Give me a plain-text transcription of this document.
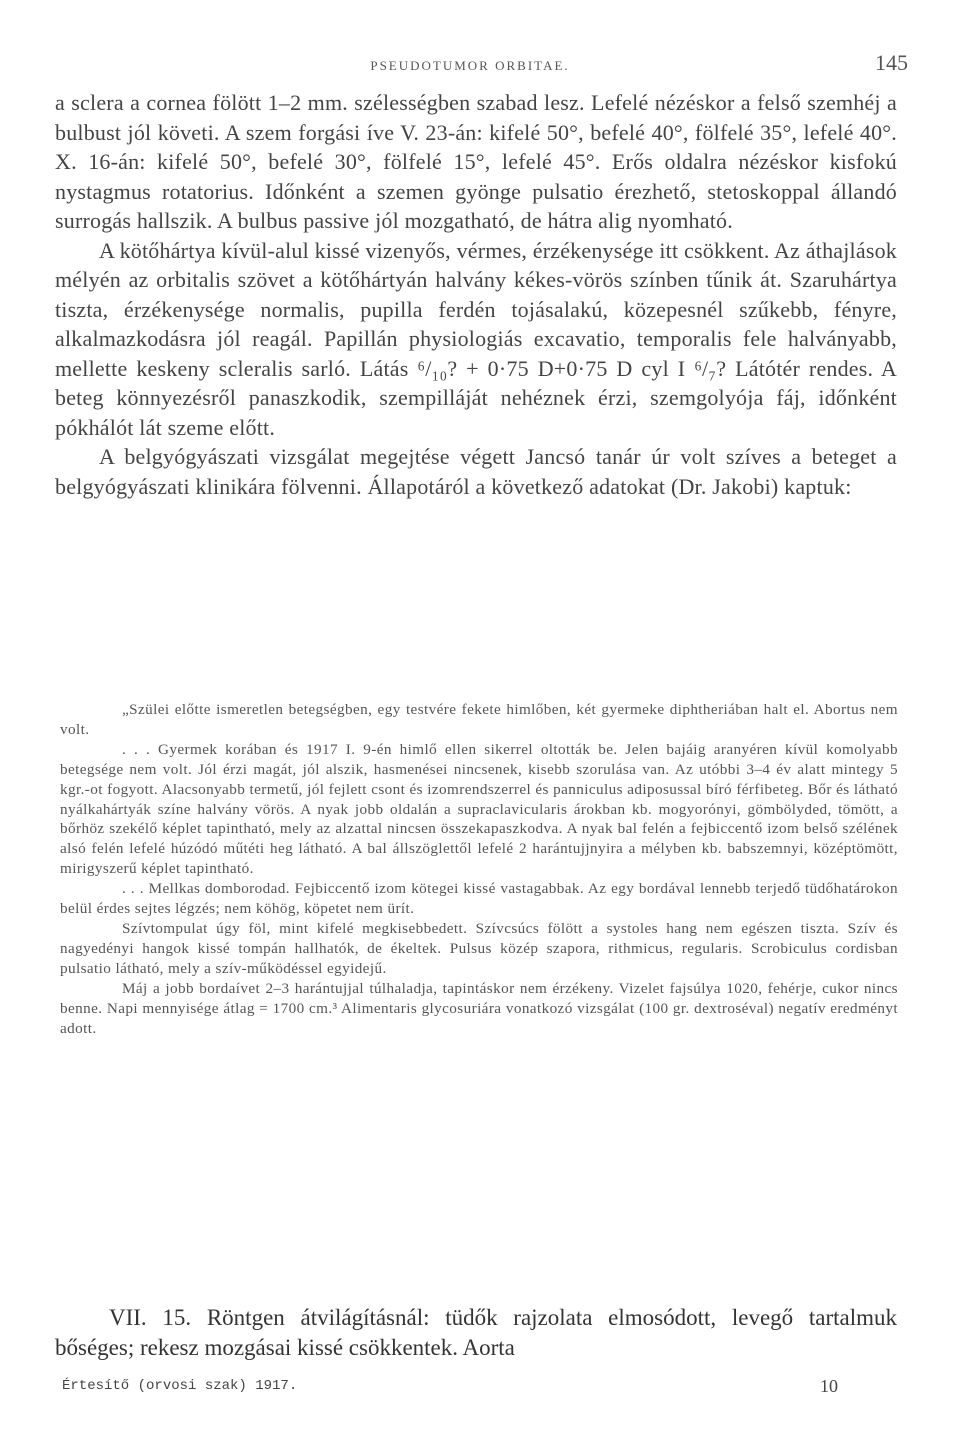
PSEUDOTUMOR ORBITAE.	145

a sclera a cornea fölött 1–2 mm. szélességben szabad lesz. Lefelé nézéskor a felső szemhéj a bulbust jól követi. A szem forgási íve V. 23-án: kifelé 50°, befelé 40°, fölfelé 35°, lefelé 40°. X. 16-án: kifelé 50°, befelé 30°, fölfelé 15°, lefelé 45°. Erős oldalra nézéskor kisfokú nystagmus rotatorius. Időnként a szemen gyönge pulsatio érezhető, stetoskoppal állandó surrogás hallszik. A bulbus passive jól mozgatható, de hátra alig nyomható.

A kötőhártya kívül-alul kissé vizenyős, vérmes, érzékenysége itt csökkent. Az áthajlások mélyén az orbitalis szövet a kötőhártyán halvány kékes-vörös színben tűnik át. Szaruhártya tiszta, érzékenysége normalis, pupilla ferdén tojásalakú, közepesnél szűkebb, fényre, alkalmazkodásra jól reagál. Papillán physiologiás excavatio, temporalis fele halványabb, mellette keskeny scleralis sarló. Látás ⁶/₁₀? + 0·75 D+0·75 D cyl I ⁶/₇? Látótér rendes. A beteg könnyezésről panaszkodik, szempilláját nehéznek érzi, szemgolyója fáj, időnként pókhálót lát szeme előtt.

A belgyógyászati vizsgálat megejtése végett Jancsó tanár úr volt szíves a beteget a belgyógyászati klinikára fölvenni. Állapotáról a következő adatokat (Dr. Jakobi) kaptuk:

„Szülei előtte ismeretlen betegségben, egy testvére fekete himlőben, két gyermeke diphtheriában halt el. Abortus nem volt.

. . . Gyermek korában és 1917 I. 9-én himlő ellen sikerrel oltották be. Jelen bajáig aranyéren kívül komolyabb betegsége nem volt. Jól érzi magát, jól alszik, hasmenései nincsenek, kisebb szorulása van. Az utóbbi 3–4 év alatt mintegy 5 kgr.-ot fogyott. Alacsonyabb termetű, jól fejlett csont és izomrendszerrel és panniculus adiposussal bíró férfibeteg. Bőr és látható nyálkahártyák színe halvány vörös. A nyak jobb oldalán a supraclavicularis árokban kb. mogyorónyi, gömbölyded, tömött, a bőrhöz szekélő képlet tapintható, mely az alzattal nincsen összekapaszkodva. A nyak bal felén a fejbiccentő izom belső szélének alsó felén lefelé húzódó műtéti heg látható. A bal állszöglettől lefelé 2 harántujjnyira a mélyben kb. babszemnyi, középtömött, mirigyszerű képlet tapintható.

. . . Mellkas domborodad. Fejbiccentő izom kötegei kissé vastagabbak. Az egy bordával lennebb terjedő tüdőhatárokon belül érdes sejtes légzés; nem köhög, köpetet nem ürít.

Szívtompulat úgy föl, mint kifelé megkisebbedett. Szívcsúcs fölött a systoles hang nem egészen tiszta. Szív és nagyedényi hangok kissé tompán hallhatók, de ékeltek. Pulsus közép szapora, rithmicus, regularis. Scrobiculus cordisban pulsatio látható, mely a szív-működéssel egyidejű.

Máj a jobb bordaívet 2–3 harántujjal túlhaladja, tapintáskor nem érzékeny. Vizelet fajsúlya 1020, fehérje, cukor nincs benne. Napi mennyisége átlag = 1700 cm.³ Alimentaris glycosuriára vonatkozó vizsgálat (100 gr. dextroséval) negatív eredményt adott.

VII. 15. Röntgen átvilágításnál: tüdők rajzolata elmosódott, levegő tartalmuk bőséges; rekesz mozgásai kissé csökkentek. Aorta

Értesítő (orvosi szak) 1917.	10
